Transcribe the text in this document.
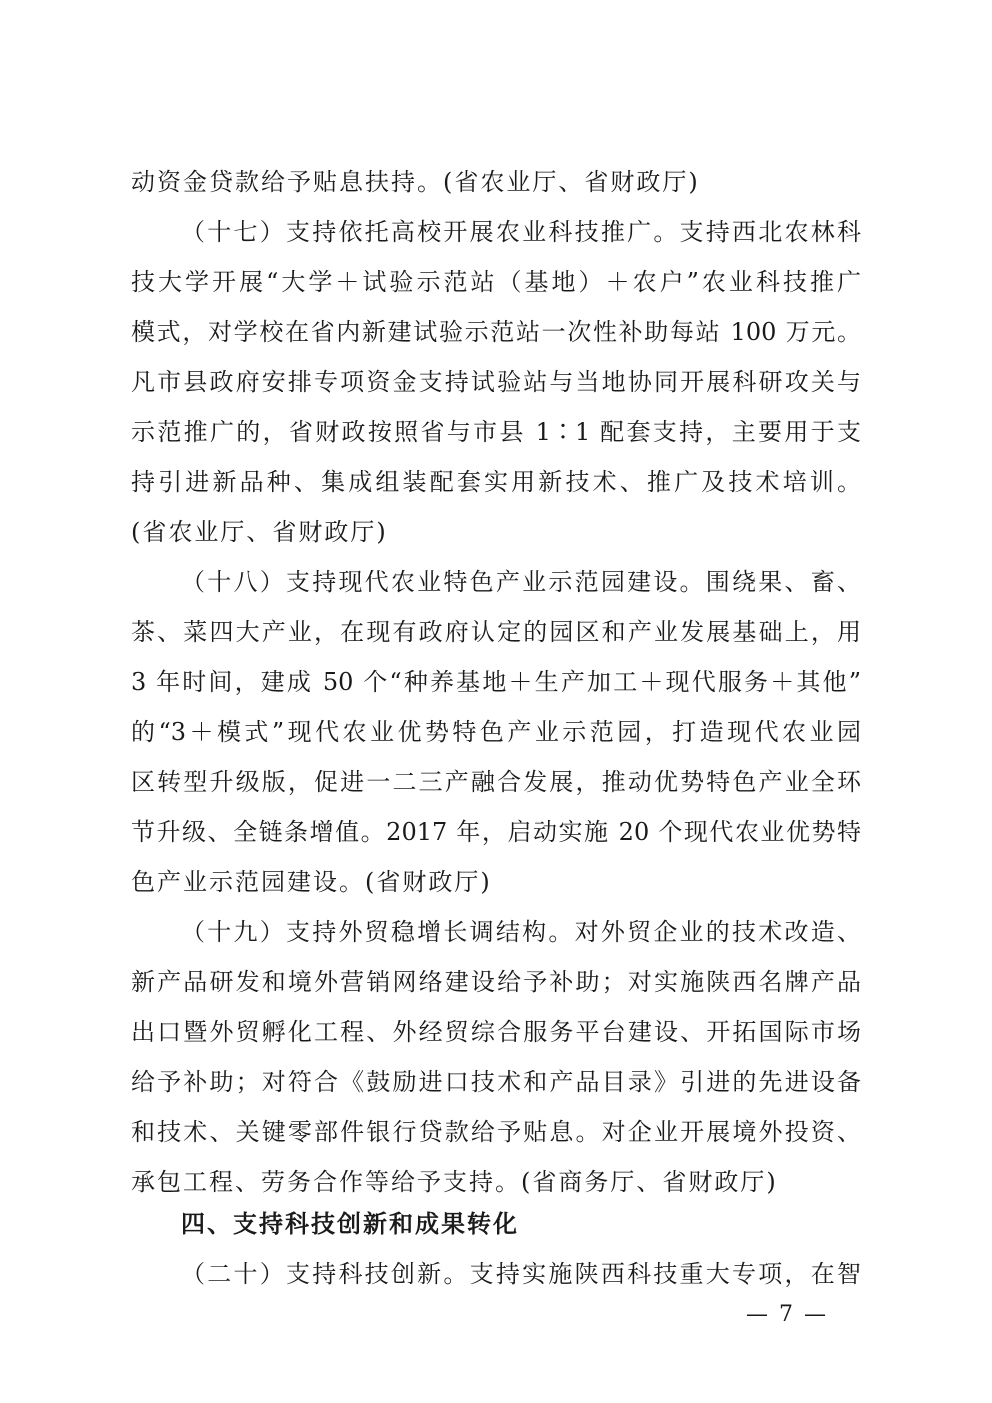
动资金贷款给予贴息扶持。(省农业厅、省财政厅)
（十七）支持依托高校开展农业科技推广。支持西北农林科
技大学开展“大学＋试验示范站（基地）＋农户”农业科技推广
模式，对学校在省内新建试验示范站一次性补助每站 100 万元。
凡市县政府安排专项资金支持试验站与当地协同开展科研攻关与
示范推广的，省财政按照省与市县 1∶1 配套支持，主要用于支
持引进新品种、集成组装配套实用新技术、推广及技术培训。
(省农业厅、省财政厅)
（十八）支持现代农业特色产业示范园建设。围绕果、畜、
茶、菜四大产业，在现有政府认定的园区和产业发展基础上，用
3 年时间，建成 50 个“种养基地＋生产加工＋现代服务＋其他”
的“3＋模式”现代农业优势特色产业示范园，打造现代农业园
区转型升级版，促进一二三产融合发展，推动优势特色产业全环
节升级、全链条增值。2017 年，启动实施 20 个现代农业优势特
色产业示范园建设。(省财政厅)
（十九）支持外贸稳增长调结构。对外贸企业的技术改造、
新产品研发和境外营销网络建设给予补助；对实施陕西名牌产品
出口暨外贸孵化工程、外经贸综合服务平台建设、开拓国际市场
给予补助；对符合《鼓励进口技术和产品目录》引进的先进设备
和技术、关键零部件银行贷款给予贴息。对企业开展境外投资、
承包工程、劳务合作等给予支持。(省商务厅、省财政厅)
四、支持科技创新和成果转化
（二十）支持科技创新。支持实施陕西科技重大专项，在智
— 7 —
